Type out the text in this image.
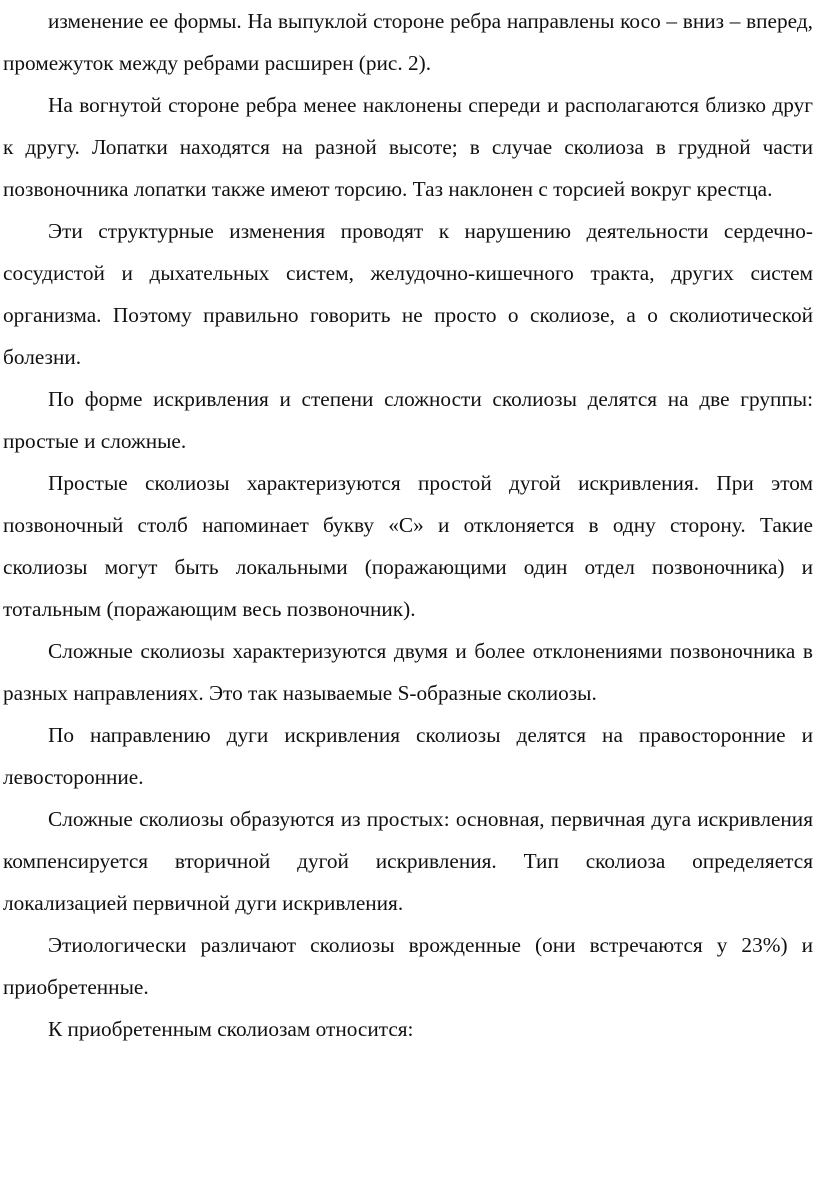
изменение ее формы. На выпуклой стороне ребра направлены косо – вниз – вперед, промежуток между ребрами расширен (рис. 2).

На вогнутой стороне ребра менее наклонены спереди и располагаются близко друг к другу. Лопатки находятся на разной высоте; в случае сколиоза в грудной части позвоночника лопатки также имеют торсию. Таз наклонен с торсией вокруг крестца.

Эти структурные изменения проводят к нарушению деятельности сердечно-сосудистой и дыхательных систем, желудочно-кишечного тракта, других систем организма. Поэтому правильно говорить не просто о сколиозе, а о сколиотической болезни.

По форме искривления и степени сложности сколиозы делятся на две группы: простые и сложные.

Простые сколиозы характеризуются простой дугой искривления. При этом позвоночный столб напоминает букву «С» и отклоняется в одну сторону. Такие сколиозы могут быть локальными (поражающими один отдел позвоночника) и тотальным (поражающим весь позвоночник).

Сложные сколиозы характеризуются двумя и более отклонениями позвоночника в разных направлениях. Это так называемые S-образные сколиозы.

По направлению дуги искривления сколиозы делятся на правосторонние и левосторонние.

Сложные сколиозы образуются из простых: основная, первичная дуга искривления компенсируется вторичной дугой искривления. Тип сколиоза определяется локализацией первичной дуги искривления.

Этиологически различают сколиозы врожденные (они встречаются у 23%) и приобретенные.

К приобретенным сколиозам относится:
